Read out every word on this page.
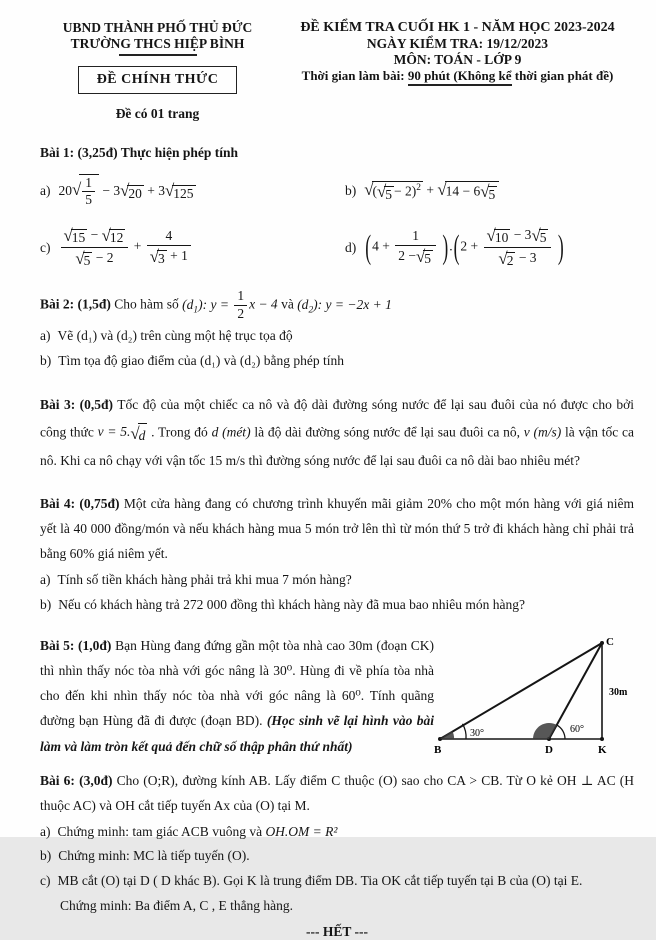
UBND THÀNH PHỐ THỦ ĐỨC
TRƯỜNG THCS HIỆP BÌNH
ĐỀ CHÍNH THỨC
Đề có 01 trang
ĐỀ KIỂM TRA CUỐI HK 1 - NĂM HỌC 2023-2024
NGÀY KIỂM TRA: 19/12/2023
MÔN: TOÁN - LỚP 9
Thời gian làm bài: 90 phút (Không kể thời gian phát đề)

Bài 1: (3,25đ) Thực hiện phép tính

a) $20√ \frac{1}{5} - 3√20 + 3√125$	b) $√(√5 - 2)^2 + √14 - 6√5$
$c) \frac{√15 - √12}{√5 - 2} + \frac{4}{√3 + 1}$	d) $(4 + \frac{1}{2 -√5} ).(2 + \frac{√10 - 3√5}{√2 - 3}$ )

Bài 2: (1,5đ) Cho hàm số $(d_1)$: $y = \frac{1}{2}$ x − 4 và $(d_2)$: y = −2x + 1

a) Vẽ (d₁) và (d₂) trên cùng một hệ trục tọa độ

b) Tìm tọa độ giao điểm của (d₁) và (d₂) bằng phép tính

Bài 3: (0,5đ) Tốc độ của một chiếc ca nô và độ dài đường sóng nước để lại sau đuôi của nó được cho bởi công thức v = 5.√d . Trong đó d (mét) là độ dài đường sóng nước để lại sau đuôi ca nô, v (m/s) là vận tốc ca nô. Khi ca nô chạy với vận tốc 15 m/s thì đường sóng nước để lại sau đuôi ca nô dài bao nhiêu mét?

Bài 4: (0,75đ) Một cửa hàng đang có chương trình khuyến mãi giảm 20% cho một món hàng với giá niêm yết là 40 000 đồng/món và nếu khách hàng mua 5 món trở lên thì từ món thứ 5 trở đi khách hàng chỉ phải trả bằng 60% giá niêm yết.

a) Tính số tiền khách hàng phải trả khi mua 7 món hàng?

b) Nếu có khách hàng trả 272 000 đồng thì khách hàng này đã mua bao nhiêu món hàng?

Bài 5: (1,0đ) Bạn Hùng đang đứng gần một tòa nhà cao 30m (đoạn CK) thì nhìn thấy nóc tòa nhà với góc nâng là 30⁰. Hùng đi về phía tòa nhà cho đến khi nhìn thấy nóc tòa nhà với góc nâng là 60⁰. Tính quãng đường bạn Hùng đã đi được (đoạn BD). (Học sinh vẽ lại hình vào bài làm và làm tròn kết quả đến chữ số thập phân thứ nhất)

30°	60°
30m
B	D	K
C

Bài 6: (3,0đ) Cho (O;R), đường kính AB. Lấy điểm C thuộc (O) sao cho CA > CB. Từ O kẻ OH ⊥ AC (H thuộc AC) và OH cắt tiếp tuyến Ax của (O) tại M.

a) Chứng minh: tam giác ACB vuông và OH.OM = R²

b) Chứng minh: MC là tiếp tuyến (O).

c) MB cắt (O) tại D ( D khác B). Gọi K là trung điểm DB. Tia OK cắt tiếp tuyến tại B của (O) tại E.

Chứng minh: Ba điểm A, C , E thẳng hàng.

--- HẾT ---
